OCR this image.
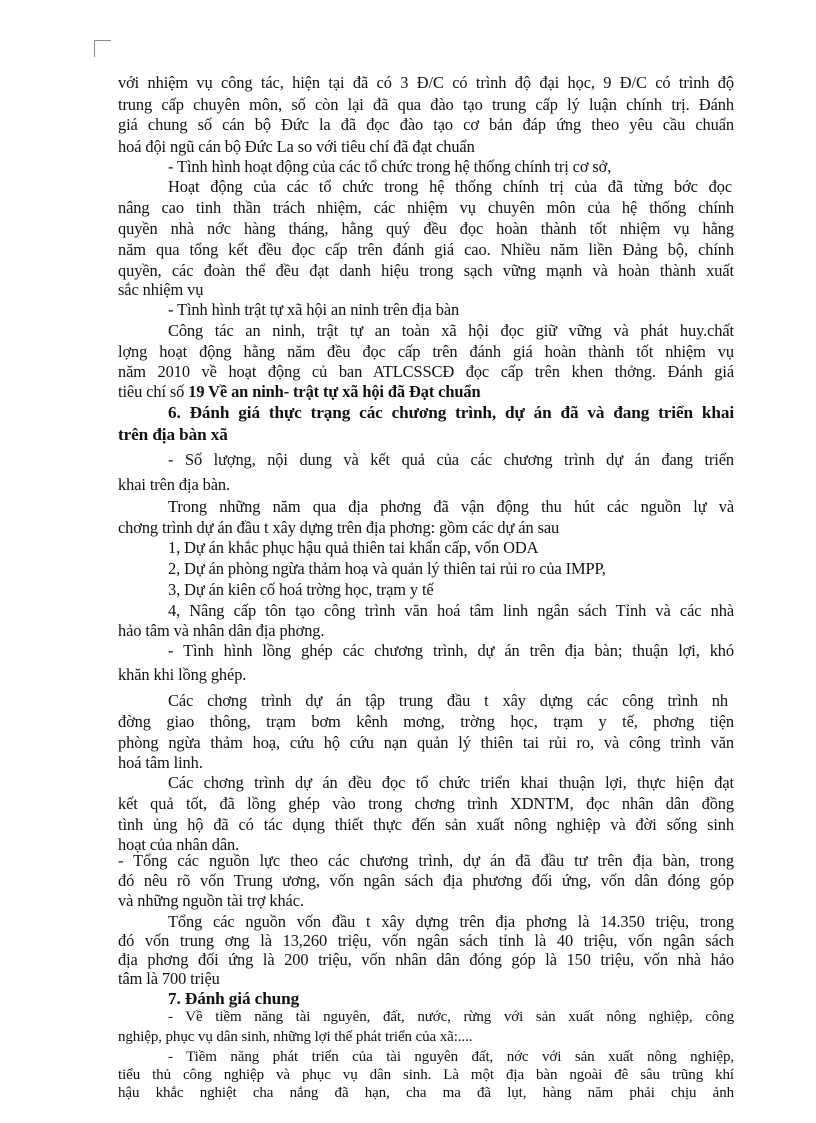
với nhiệm vụ công tác, hiện tại đã có 3 Đ/C có trình độ đại học, 9 Đ/C có trình độ
trung cấp chuyên môn, số còn lại đã qua đào tạo trung cấp lý luận chính trị. Đánh
giá chung số cán bộ Đức la đã đọc đào tạo cơ bản đáp ứng theo yêu cầu chuẩn
hoá đội ngũ cán bộ Đức La so với tiêu chí đã đạt chuẩn
- Tình hình hoạt động của các tổ chức trong hệ thống chính trị cơ sở,
Hoạt động của các tổ chức trong hệ thống chính trị của đã từng bớc đọc
nâng cao tinh thần trách nhiệm, các nhiệm vụ chuyên môn của hệ thống chính
quyền nhà nớc hàng tháng, hằng quý đều đọc hoàn thành tốt nhiệm vụ hằng
năm qua tổng kết đều đọc cấp trên đánh giá cao. Nhiều năm liền Đảng bộ, chính
quyền, các đoàn thể đều đạt danh hiệu trong sạch vững mạnh và hoàn thành xuất
sắc nhiệm vụ
- Tình hình trật tự xã hội an ninh trên địa bàn
Công tác an ninh, trật tự an toàn xã hội đọc giữ vững và phát huy.chất
lợng hoạt động hằng năm đều đọc cấp trên đánh giá hoàn thành tốt nhiệm vụ
năm 2010 về hoạt động củ ban ATLCSSCĐ đọc cấp trên khen thởng. Đánh giá
tiêu chí số 19 Về an ninh- trật tự xã hội đã Đạt chuẩn
6. Đánh giá thực trạng các chương trình, dự án đã và đang triển khai
trên địa bàn xã
- Số lượng, nội dung và kết quả của các chương trình dự án đang triển
khai trên địa bàn.
Trong những năm qua địa phơng đã vận động thu hút các nguồn lự và
chơng trình dự án đầu t xây dựng trên địa phơng: gồm các dự án sau
1, Dự án khắc phục hậu quả thiên tai khẩn cấp, vốn ODA
2, Dự án phòng ngừa thảm hoạ và quản lý thiên tai rủi ro của IMPP,
3, Dự án kiên cố hoá trờng học, trạm y tế
4, Nâng cấp tôn tạo công trình văn hoá tâm linh ngân sách Tỉnh và các nhà
hảo tâm và nhân dân địa phơng.
- Tình hình lồng ghép các chương trình, dự án trên địa bàn; thuận lợi, khó
khăn khi lồng ghép.
Các chơng trình dự án tập trung đầu t xây dựng các công trình nh
đờng giao thông, trạm bơm kênh mơng, trờng học, trạm y tế, phơng tiện
phòng ngừa thảm hoạ, cứu hộ cứu nạn quản lý thiên tai rủi ro, và công trình văn
hoá tâm linh.
Các chơng trình dự án đều đọc tổ chức triển khai thuận lợi, thực hiện đạt
kết quả tốt, đã lồng ghép vào trong chơng trình XDNTM, đọc nhân dân đồng
tình ủng hộ đã có tác dụng thiết thực đến sản xuất nông nghiệp và đời sống sinh
hoạt của nhân dân.
- Tổng các nguồn lực theo các chương trình, dự án đã đầu tư trên địa bàn, trong
đó nêu rõ vốn Trung ương, vốn ngân sách địa phương đối ứng, vốn dân đóng góp
và những nguồn tài trợ khác.
Tổng các nguồn vốn đầu t xây dựng trên địa phơng là 14.350 triệu, trong
đó vốn trung ơng là 13,260 triệu, vốn ngân sách tỉnh là 40 triệu, vốn ngân sách
địa phơng đối ứng là 200 triệu, vốn nhân dân đóng góp là 150 triệu, vốn nhà hảo
tâm là 700 triệu
7. Đánh giá chung
- Về tiềm năng tài nguyên, đất, nước, rừng với sản xuất nông nghiệp, công
nghiệp, phục vụ dân sinh, những lợi thế phát triển của xã:....
- Tiềm năng phát triển của tài nguyên đất, nớc với sản xuất nông nghiệp,
tiểu thủ công nghiệp và phục vụ dân sinh. Là một địa bàn ngoài đê sâu trũng khí
hậu khắc nghiệt cha nắng đã hạn, cha ma đã lụt, hàng năm phải chịu ảnh
